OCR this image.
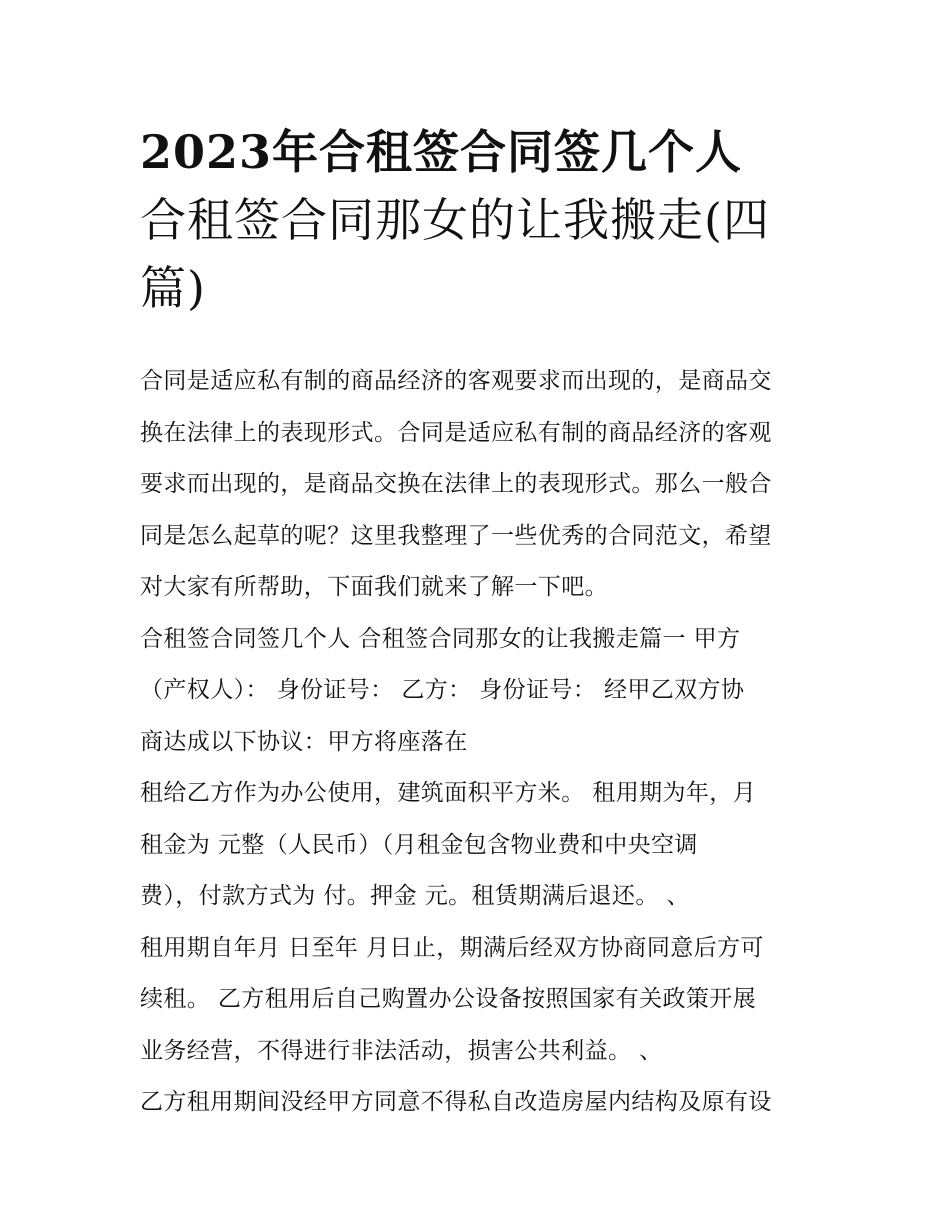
2023年合租签合同签几个人
合租签合同那女的让我搬走(四
篇)
合同是适应私有制的商品经济的客观要求而出现的，是商品交
换在法律上的表现形式。合同是适应私有制的商品经济的客观
要求而出现的，是商品交换在法律上的表现形式。那么一般合
同是怎么起草的呢？这里我整理了一些优秀的合同范文，希望
对大家有所帮助，下面我们就来了解一下吧。
合租签合同签几个人 合租签合同那女的让我搬走篇一 甲方
（产权人）： 身份证号： 乙方： 身份证号： 经甲乙双方协
商达成以下协议：甲方将座落在
租给乙方作为办公使用，建筑面积平方米。 租用期为年，月
租金为 元整（人民币）（月租金包含物业费和中央空调
费），付款方式为 付。押金 元。租赁期满后退还。 、
租用期自年月 日至年 月日止，期满后经双方协商同意后方可
续租。 乙方租用后自己购置办公设备按照国家有关政策开展
业务经营，不得进行非法活动，损害公共利益。 、
乙方租用期间没经甲方同意不得私自改造房屋内结构及原有设
